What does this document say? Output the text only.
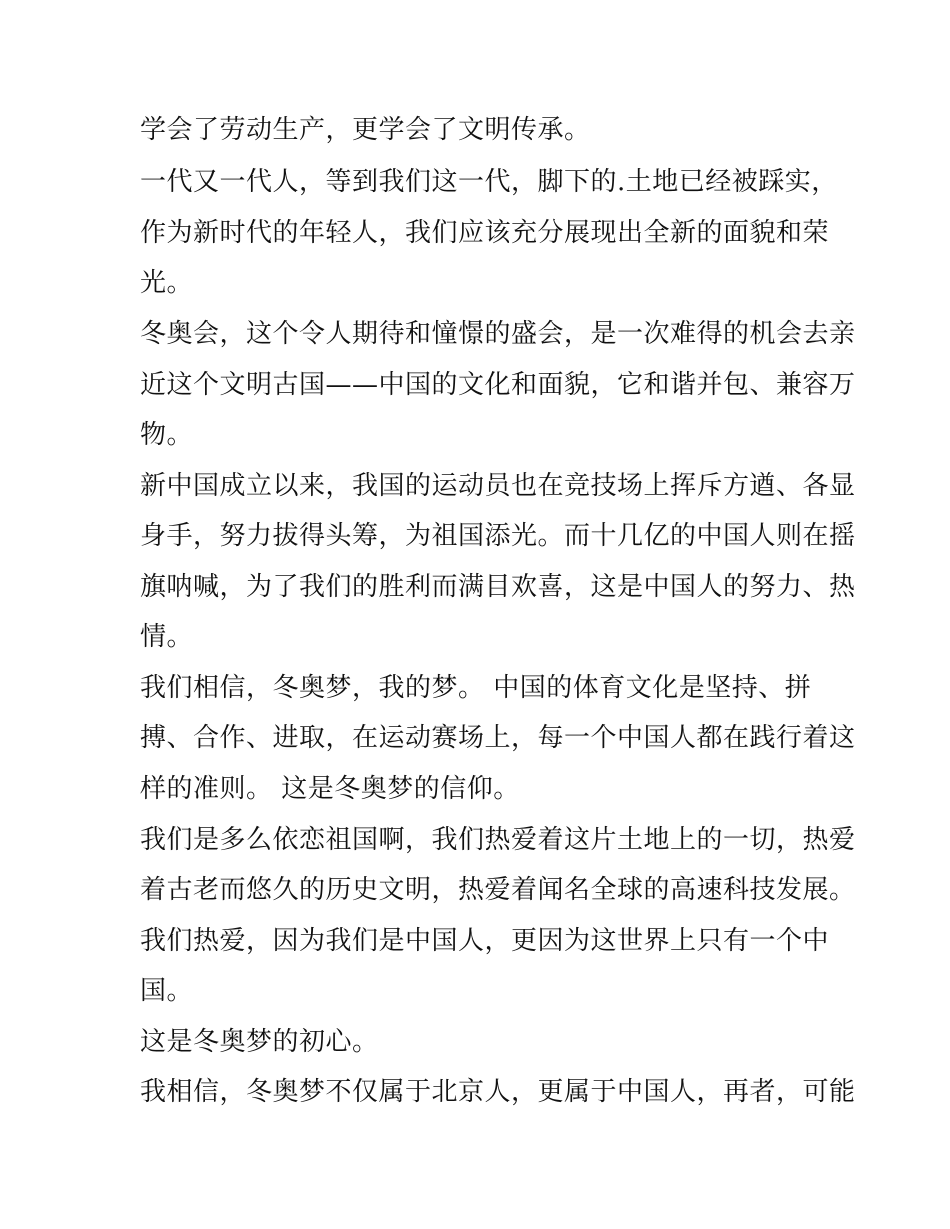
学会了劳动生产，更学会了文明传承。
一代又一代人，等到我们这一代，脚下的.土地已经被踩实，
作为新时代的年轻人，我们应该充分展现出全新的面貌和荣
光。
冬奥会，这个令人期待和憧憬的盛会，是一次难得的机会去亲
近这个文明古国——中国的文化和面貌，它和谐并包、兼容万
物。
新中国成立以来，我国的运动员也在竞技场上挥斥方遒、各显
身手，努力拔得头筹，为祖国添光。而十几亿的中国人则在摇
旗呐喊，为了我们的胜利而满目欢喜，这是中国人的努力、热
情。
我们相信，冬奥梦，我的梦。 中国的体育文化是坚持、拼
搏、合作、进取，在运动赛场上，每一个中国人都在践行着这
样的准则。 这是冬奥梦的信仰。
我们是多么依恋祖国啊，我们热爱着这片土地上的一切，热爱
着古老而悠久的历史文明，热爱着闻名全球的高速科技发展。
我们热爱，因为我们是中国人，更因为这世界上只有一个中
国。
这是冬奥梦的初心。
我相信，冬奥梦不仅属于北京人，更属于中国人，再者，可能
